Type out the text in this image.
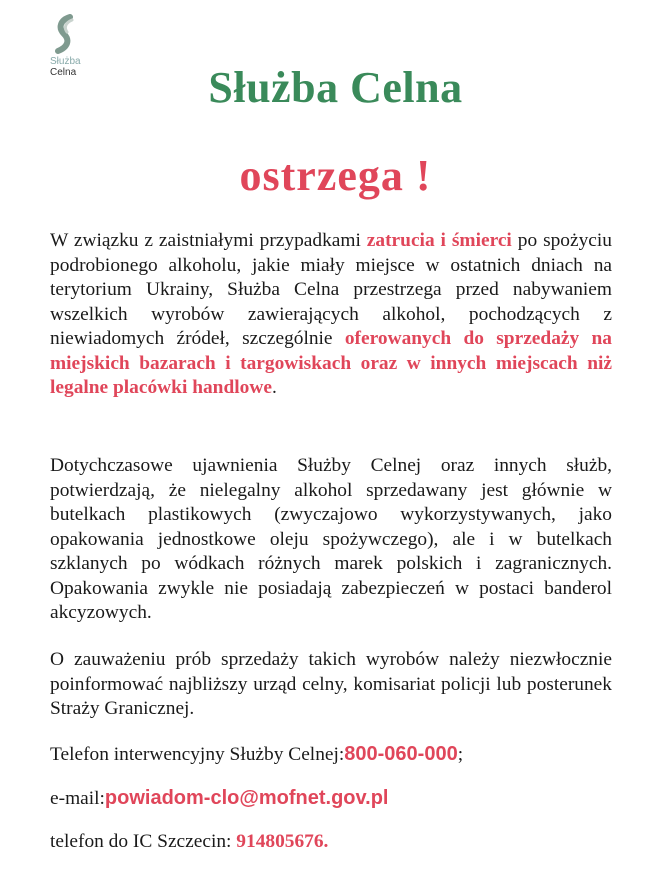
Służba
Celna	Służba Celna
ostrzega !

W związku z zaistniałymi przypadkami zatrucia i śmierci po spożyciu podrobionego alkoholu, jakie miały miejsce w ostatnich dniach na terytorium Ukrainy, Służba Celna przestrzega przed nabywaniem wszelkich wyrobów zawierających alkohol, pochodzących z niewiadomych źródeł, szczególnie oferowanych do sprzedaży na miejskich bazarach i targowiskach oraz w innych miejscach niż legalne placówki handlowe.

Dotychczasowe ujawnienia Służby Celnej oraz innych służb, potwierdzają, że nielegalny alkohol sprzedawany jest głównie w butelkach plastikowych (zwyczajowo wykorzystywanych, jako opakowania jednostkowe oleju spożywczego), ale i w butelkach szklanych po wódkach różnych marek polskich i zagranicznych. Opakowania zwykle nie posiadają zabezpieczeń w postaci banderol akcyzowych.

O zauważeniu prób sprzedaży takich wyrobów należy niezwłocznie poinformować najbliższy urząd celny, komisariat policji lub posterunek Straży Granicznej.

Telefon interwencyjny Służby Celnej:800-060-000;

e-mail:powiadom-clo@mofnet.gov.pl

telefon do IC Szczecin: 914805676.
